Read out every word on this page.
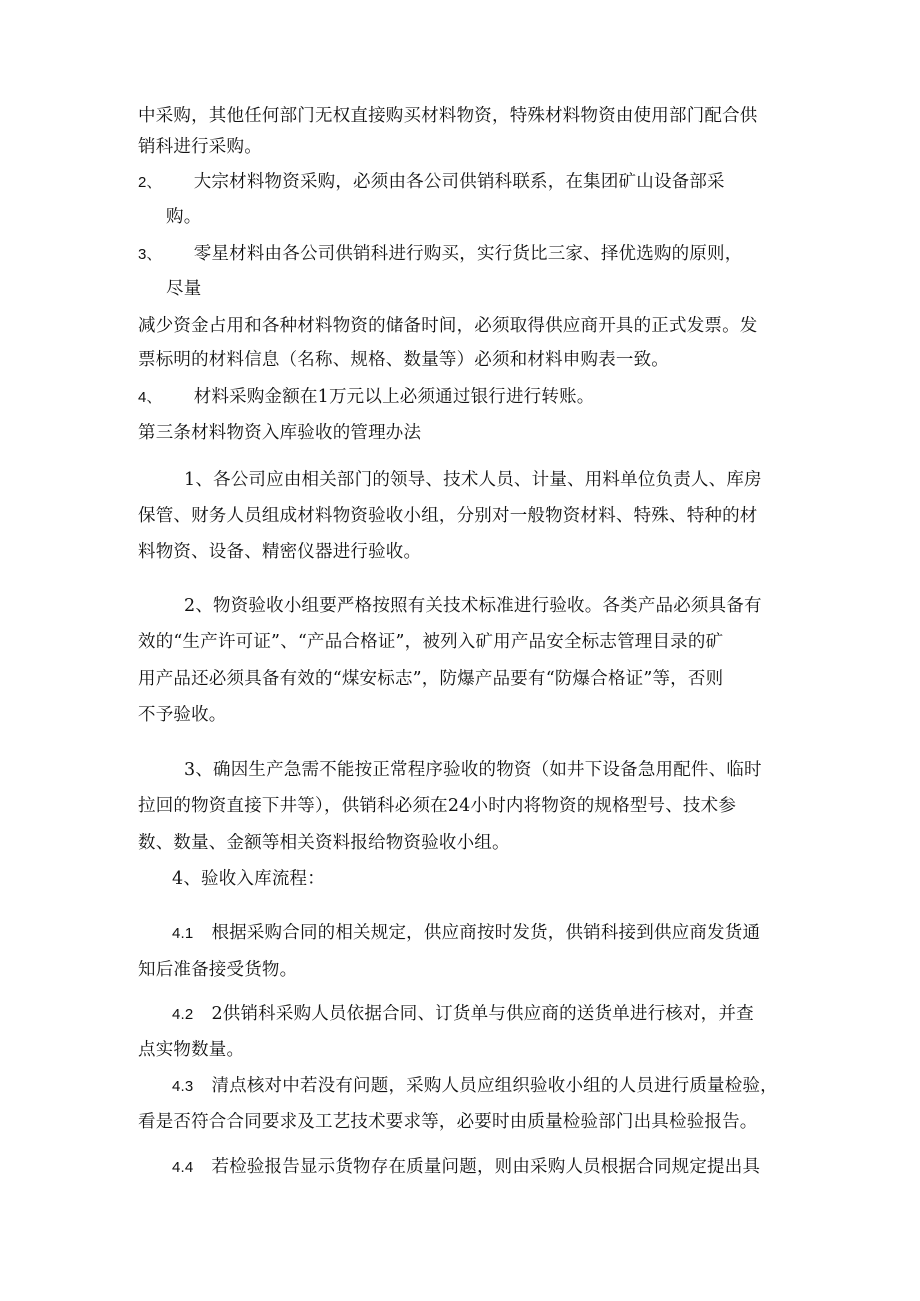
中采购，其他任何部门无权直接购买材料物资，特殊材料物资由使用部门配合供
销科进行采购。
2、 大宗材料物资采购，必须由各公司供销科联系，在集团矿山设备部采
购。
3、 零星材料由各公司供销科进行购买，实行货比三家、择优选购的原则，
尽量
减少资金占用和各种材料物资的储备时间，必须取得供应商开具的正式发票。发
票标明的材料信息（名称、规格、数量等）必须和材料申购表一致。
4、 材料采购金额在1万元以上必须通过银行进行转账。
第三条材料物资入库验收的管理办法
1、各公司应由相关部门的领导、技术人员、计量、用料单位负责人、库房
保管、财务人员组成材料物资验收小组，分别对一般物资材料、特殊、特种的材
料物资、设备、精密仪器进行验收。
2、物资验收小组要严格按照有关技术标准进行验收。各类产品必须具备有
效的“生产许可证”、“产品合格证”，被列入矿用产品安全标志管理目录的矿
用产品还必须具备有效的“煤安标志”，防爆产品要有“防爆合格证”等，否则
不予验收。
3、确因生产急需不能按正常程序验收的物资（如井下设备急用配件、临时
拉回的物资直接下井等），供销科必须在24小时内将物资的规格型号、技术参
数、数量、金额等相关资料报给物资验收小组。
4、验收入库流程：
4.1 根据采购合同的相关规定，供应商按时发货，供销科接到供应商发货通
知后准备接受货物。
4.2 2供销科采购人员依据合同、订货单与供应商的送货单进行核对，并查
点实物数量。
4.3 清点核对中若没有问题，采购人员应组织验收小组的人员进行质量检验，
看是否符合合同要求及工艺技术要求等，必要时由质量检验部门出具检验报告。
4.4 若检验报告显示货物存在质量问题，则由采购人员根据合同规定提出具
